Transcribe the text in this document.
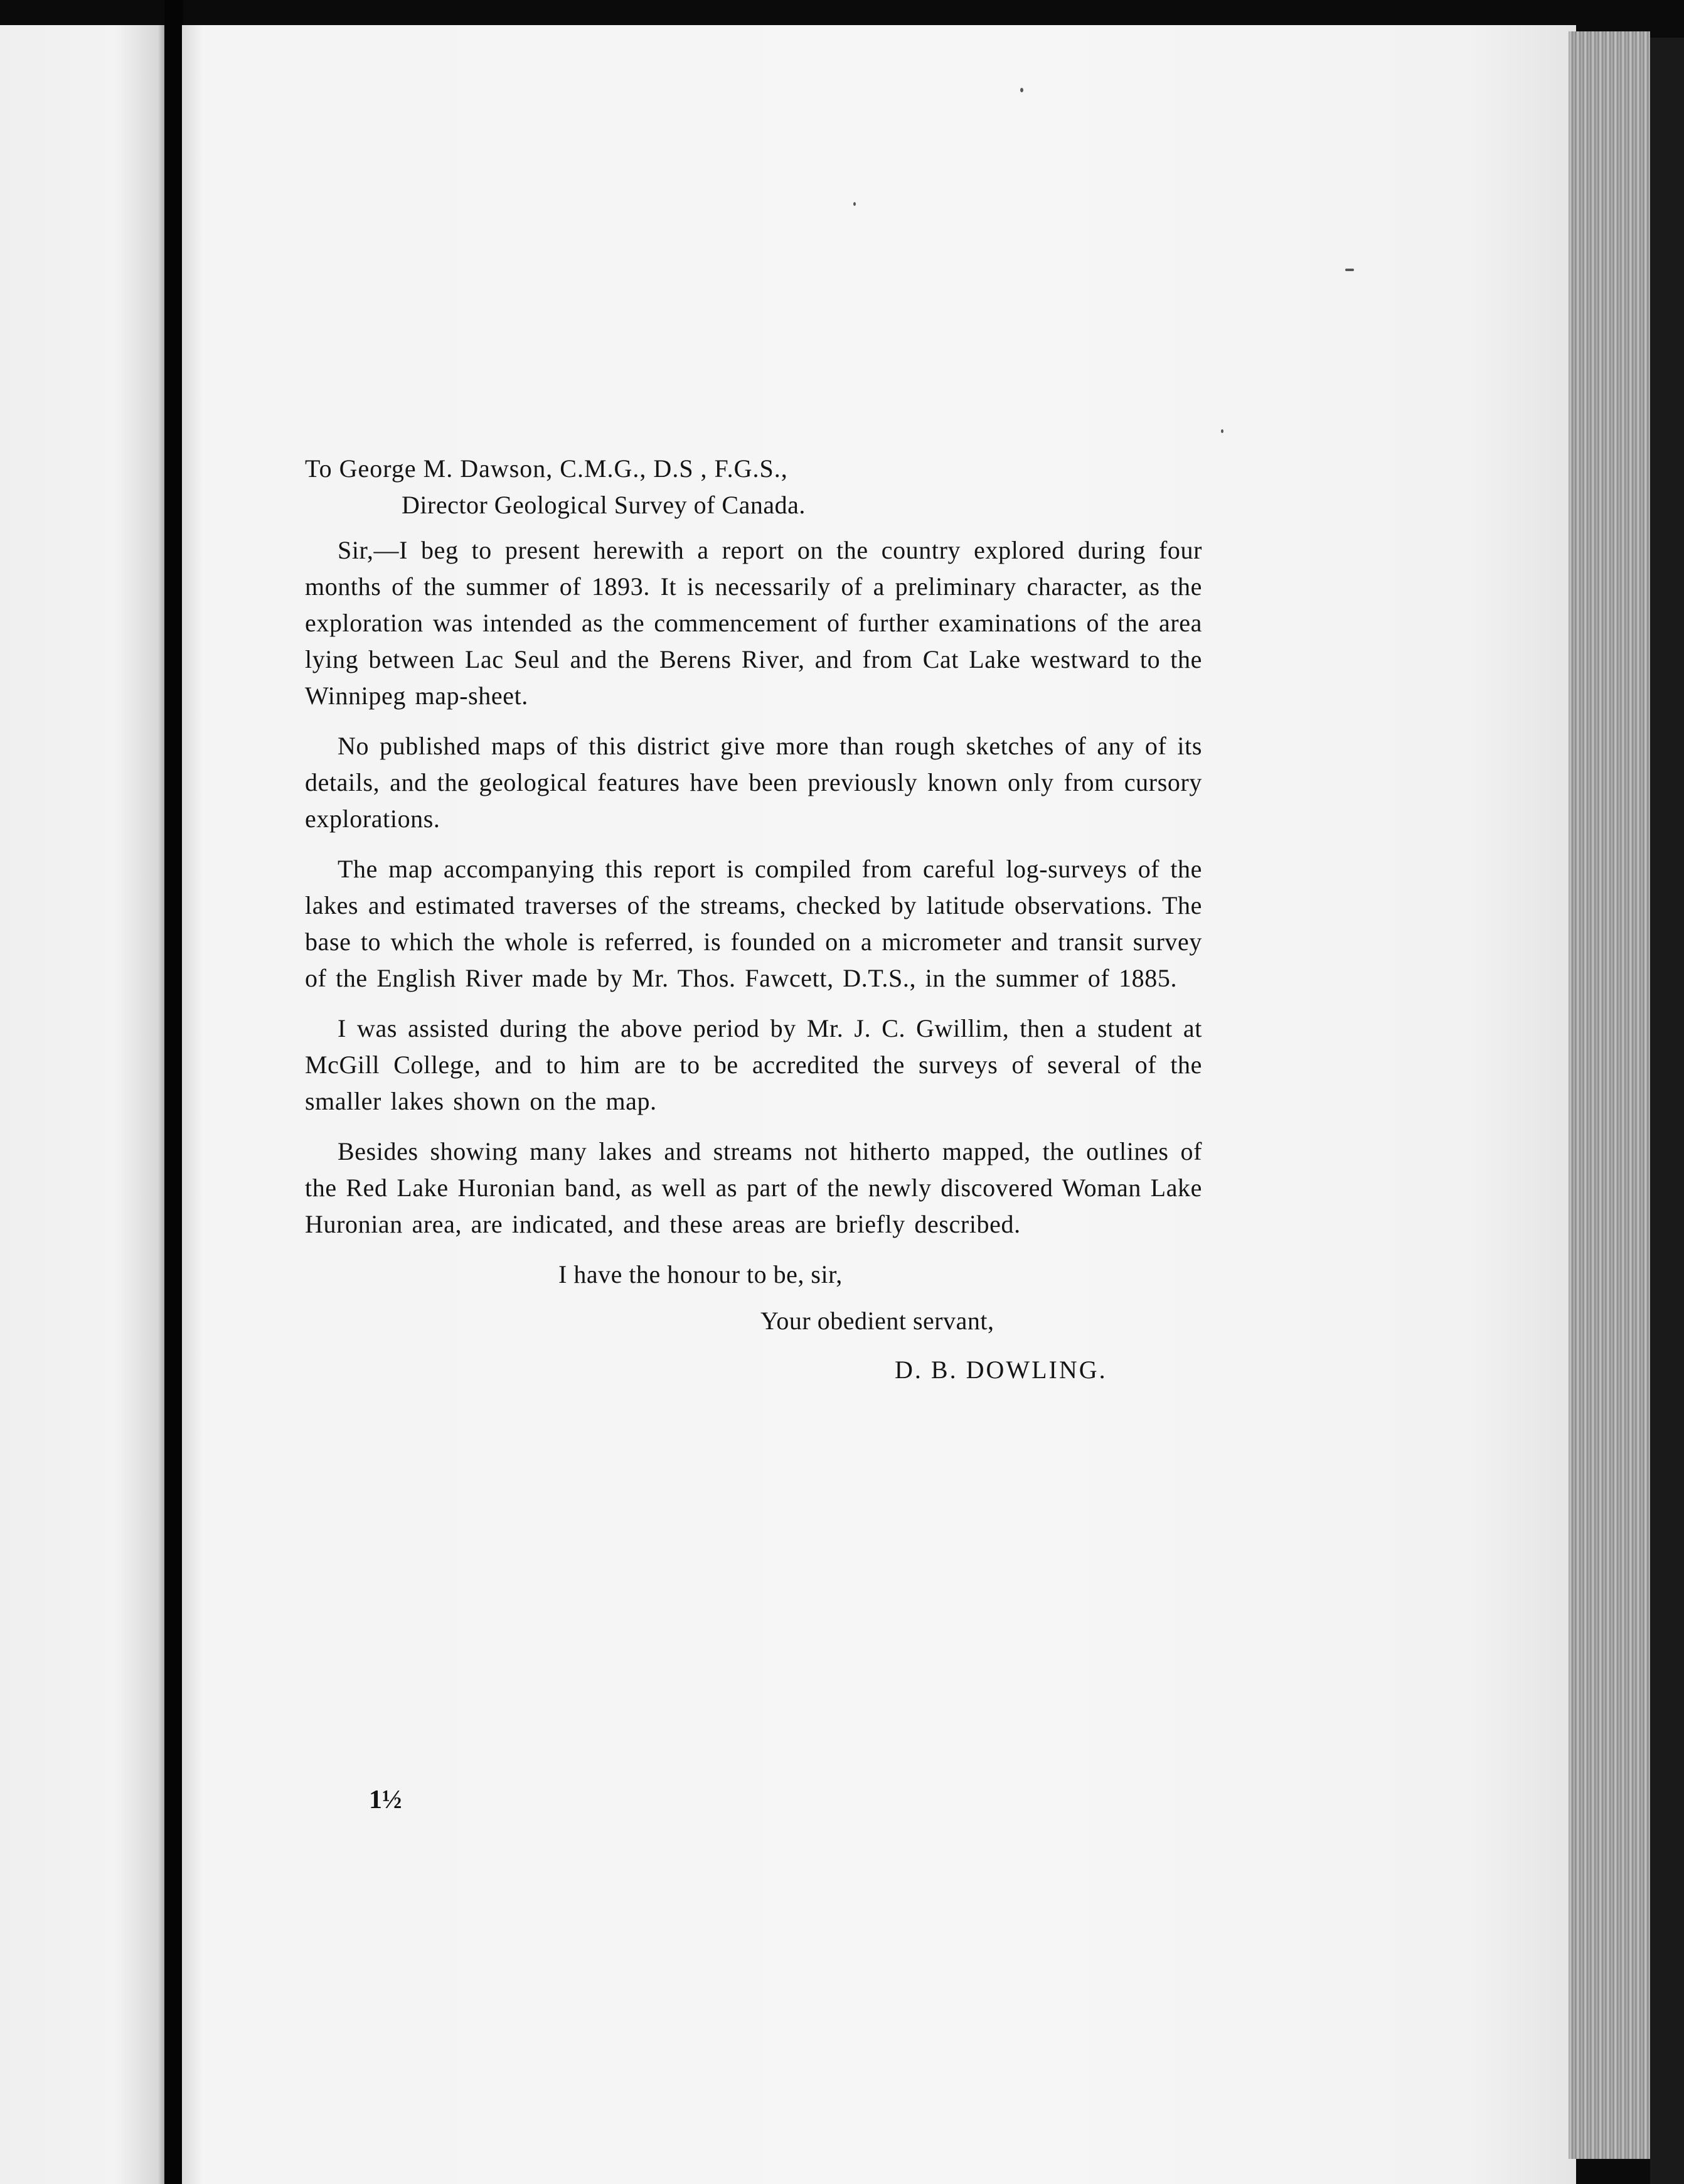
To George M. Dawson, C.M.G., D.S , F.G.S.,

Director Geological Survey of Canada.

Sir,—I beg to present herewith a report on the country explored during four months of the summer of 1893. It is necessarily of a preliminary character, as the exploration was intended as the commencement of further examinations of the area lying between Lac Seul and the Berens River, and from Cat Lake westward to the Winnipeg map-sheet.

No published maps of this district give more than rough sketches of any of its details, and the geological features have been previously known only from cursory explorations.

The map accompanying this report is compiled from careful log-surveys of the lakes and estimated traverses of the streams, checked by latitude observations. The base to which the whole is referred, is founded on a micrometer and transit survey of the English River made by Mr. Thos. Fawcett, D.T.S., in the summer of 1885.

I was assisted during the above period by Mr. J. C. Gwillim, then a student at McGill College, and to him are to be accredited the surveys of several of the smaller lakes shown on the map.

Besides showing many lakes and streams not hitherto mapped, the outlines of the Red Lake Huronian band, as well as part of the newly discovered Woman Lake Huronian area, are indicated, and these areas are briefly described.

I have the honour to be, sir,

Your obedient servant,

D. B. DOWLING.

1½
